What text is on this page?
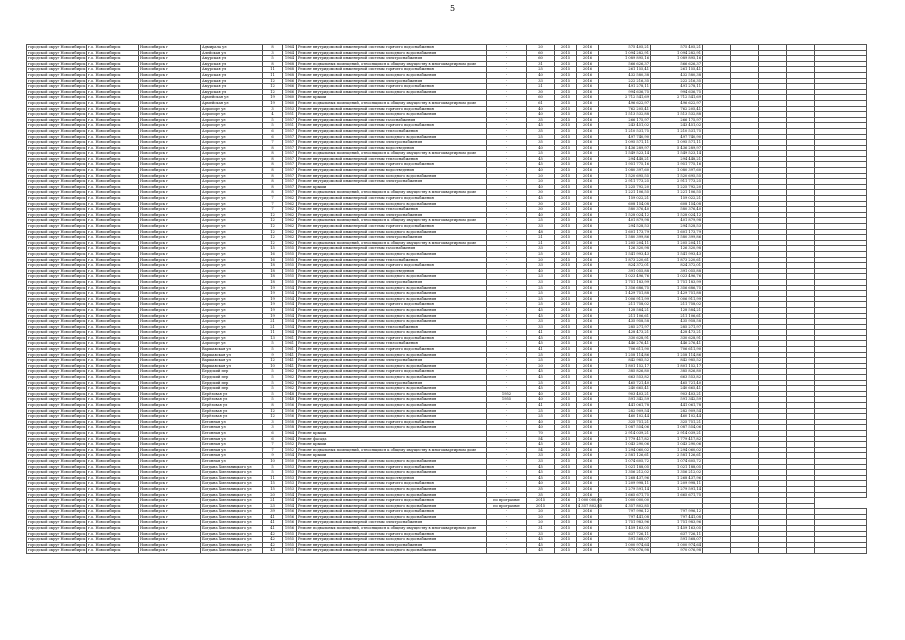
5
городской округ Новосибирск	г.о. Новосибирск	Новосибирск г	Адмирала ул	8	1964	Ремонт внутридомовой инженерной системы горячего водоснабжения	-	20	2015	2016	575 405,21	575 405,21					
городской округ Новосибирск	г.о. Новосибирск	Новосибирск г	Алейская ул	3	1964	Ремонт внутридомовой инженерной системы холодного водоснабжения	-	60	2015	2016	1 094 282,91	1 094 282,91					
городской округ Новосибирск	г.о. Новосибирск	Новосибирск г	Амурская ул	5	1964	Ремонт внутридомовой инженерной системы электроснабжения	-	60	2015	2016	1 089 895,16	1 089 895,16					
городской округ Новосибирск	г.о. Новосибирск	Новосибирск г	Амурская ул	8	1968	Ремонт подвальных помещений, относящихся к общему имуществу в многоквартирном доме	-	31	2015	2016	566 626,37	566 626,37					
городской округ Новосибирск	г.о. Новосибирск	Новосибирск г	Амурская ул	11	1968	Ремонт внутридомовой инженерной системы горячего водоснабжения	-	25	2015	2016	261 155,41	261 155,41					
городской округ Новосибирск	г.о. Новосибирск	Новосибирск г	Амурская ул	11	1968	Ремонт внутридомовой инженерной системы холодного водоснабжения	-	40	2015	2016	432 580,38	432 580,38					
городской округ Новосибирск	г.о. Новосибирск	Новосибирск г	Амурская ул	12	1966	Ремонт внутридомовой инженерной системы электроснабжения	-	33	2015	2016	222 216,35	222 216,35					
городской округ Новосибирск	г.о. Новосибирск	Новосибирск г	Амурская ул	12	1966	Ремонт внутридомовой инженерной системы горячего водоснабжения	-	21	2015	2016	491 278,11	491 278,11					
городской округ Новосибирск	г.о. Новосибирск	Новосибирск г	Амурская ул	12	1966	Ремонт внутридомовой инженерной системы холодного водоснабжения	-	30	2015	2016	994 636,75	994 636,75					
городской округ Новосибирск	г.о. Новосибирск	Новосибирск г	Армейская ул	19	1960	Ремонт крыши	-	60	2015	2016	2 712 541,69	2 712 541,69					
городской округ Новосибирск	г.о. Новосибирск	Новосибирск г	Армейская ул	19	1960	Ремонт подвальных помещений, относящихся к общему имуществу в многоквартирном доме	-	61	2015	2016	496 622,97	496 622,97					
городской округ Новосибирск	г.о. Новосибирск	Новосибирск г	Аэропорт ул	3	1953	Ремонт внутридомовой инженерной системы горячего водоснабжения	-	40	2015	2016	762 205,41	762 205,41					
городской округ Новосибирск	г.о. Новосибирск	Новосибирск г	Аэропорт ул	4	1951	Ремонт внутридомовой инженерной системы холодного водоснабжения	-	40	2015	2016	1 513 532,88	1 513 532,88					
городской округ Новосибирск	г.о. Новосибирск	Новосибирск г	Аэропорт ул	5	1957	Ремонт внутридомовой инженерной системы газоснабжения	-	35	2015	2016	266 175,97	266 175,97					
городской округ Новосибирск	г.о. Новосибирск	Новосибирск г	Аэропорт ул	5	1951	Ремонт внутридомовой инженерной системы горячего водоснабжения	-	45	2015	2016	243 451,02	243 451,02					
городской округ Новосибирск	г.о. Новосибирск	Новосибирск г	Аэропорт ул	6	1957	Ремонт внутридомовой инженерной системы теплоснабжения	-	35	2015	2016	1 210 531,75	1 210 531,75					
городской округ Новосибирск	г.о. Новосибирск	Новосибирск г	Аэропорт ул	6	1957	Ремонт внутридомовой инженерной системы холодного водоснабжения	-	25	2015	2016	497 740,90	497 740,90					
городской округ Новосибирск	г.о. Новосибирск	Новосибирск г	Аэропорт ул	7	1957	Ремонт внутридомовой инженерной системы электроснабжения	-	35	2015	2016	1 095 571,11	1 095 571,11					
городской округ Новосибирск	г.о. Новосибирск	Новосибирск г	Аэропорт ул	8	1957	Ремонт внутридомовой инженерной системы водоотведения	-	40	2015	2016	5 436 289,97	5 436 289,97					
городской округ Новосибирск	г.о. Новосибирск	Новосибирск г	Аэропорт ул	8	1957	Ремонт подвальных помещений, относящихся к общему имуществу в многоквартирном доме	-	25	2015	2016	1 549 523,14	1 549 523,14					
городской округ Новосибирск	г.о. Новосибирск	Новосибирск г	Аэропорт ул	8	1957	Ремонт внутридомовой инженерной системы теплоснабжения	-	45	2015	2016	294 448,21	294 448,21					
городской округ Новосибирск	г.о. Новосибирск	Новосибирск г	Аэропорт ул	8	1957	Ремонт внутридомовой инженерной системы горячего водоснабжения	-	45	2015	2016	1 951 775,16	1 951 775,16					
городской округ Новосибирск	г.о. Новосибирск	Новосибирск г	Аэропорт ул	8	1957	Ремонт внутридомовой инженерной системы водоотведения	-	40	2015	2016	1 080 397,60	1 080 397,60					
городской округ Новосибирск	г.о. Новосибирск	Новосибирск г	Аэропорт ул	8	1957	Ремонт внутридомовой инженерной системы холодного водоснабжения	-	20	2015	2016	1 520 695,55	1 520 695,55					
городской округ Новосибирск	г.о. Новосибирск	Новосибирск г	Аэропорт ул	8	1957	Ремонт внутридомовой инженерной системы электроснабжения	-	20	2015	2016	2 911 773,25	2 911 773,25					
городской округ Новосибирск	г.о. Новосибирск	Новосибирск г	Аэропорт ул	8	1957	Ремонт крыши	-	40	2015	2016	1 225 792,20	1 225 792,20					
городской округ Новосибирск	г.о. Новосибирск	Новосибирск г	Аэропорт ул	8	1957	Ремонт подвальных помещений, относящихся к общему имуществу в многоквартирном доме	-	30	2015	2016	1 221 106,55	1 221 106,55					
городской округ Новосибирск	г.о. Новосибирск	Новосибирск г	Аэропорт ул	7	1962	Ремонт внутридомовой инженерной системы горячего водоснабжения	-	45	2015	2016	159 022,21	159 022,21					
городской округ Новосибирск	г.о. Новосибирск	Новосибирск г	Аэропорт ул	7	1962	Ремонт внутридомовой инженерной системы холодного водоснабжения	-	30	2015	2016	608 154,08	608 154,08					
городской округ Новосибирск	г.о. Новосибирск	Новосибирск г	Аэропорт ул	7	1962	Ремонт внутридомовой инженерной системы теплоснабжения	-	30	2015	2016	580 376,40	580 376,40					
городской округ Новосибирск	г.о. Новосибирск	Новосибирск г	Аэропорт ул	12	1962	Ремонт внутридомовой инженерной системы электроснабжения	-	40	2015	2016	1 528 024,12	1 528 024,12					
городской округ Новосибирск	г.о. Новосибирск	Новосибирск г	Аэропорт ул	12	1962	Ремонт подвальных помещений, относящихся к общему имуществу в многоквартирном доме	-	25	2015	2016	401 879,98	401 879,98					
городской округ Новосибирск	г.о. Новосибирск	Новосибирск г	Аэропорт ул	12	1962	Ремонт внутридомовой инженерной системы горячего водоснабжения	-	33	2015	2016	294 528,53	294 528,53					
городской округ Новосибирск	г.о. Новосибирск	Новосибирск г	Аэропорт ул	12	1962	Ремонт внутридомовой инженерной системы холодного водоснабжения	-	48	2015	2016	1 601 173,79	1 601 173,79					
городской округ Новосибирск	г.о. Новосибирск	Новосибирск г	Аэропорт ул	12	1962	Ремонт внутридомовой инженерной системы электроснабжения	-	21	2015	2016	1 580 399,86	1 580 399,86					
городской округ Новосибирск	г.о. Новосибирск	Новосибирск г	Аэропорт ул	12	1962	Ремонт подвальных помещений, относящихся к общему имуществу в многоквартирном доме	-	21	2015	2016	1 205 204,11	1 205 204,11					
городской округ Новосибирск	г.о. Новосибирск	Новосибирск г	Аэропорт ул	15	1955	Ремонт внутридомовой инженерной системы газоснабжения	-	33	2015	2016	126 320,98	126 320,98					
городской округ Новосибирск	г.о. Новосибирск	Новосибирск г	Аэропорт ул	16	1955	Ремонт внутридомовой инженерной системы холодного водоснабжения	-	25	2015	2016	1 541 993,43	1 541 993,43					
городской округ Новосибирск	г.о. Новосибирск	Новосибирск г	Аэропорт ул	16	1955	Ремонт внутридомовой инженерной системы теплоснабжения	-	20	2015	2016	1 873 220,61	1 873 220,61					
городской округ Новосибирск	г.о. Новосибирск	Новосибирск г	Аэропорт ул	18	1955	Ремонт внутридомовой инженерной системы горячего водоснабжения	-	33	2015	2016	824 372,01	824 372,01					
городской округ Новосибирск	г.о. Новосибирск	Новосибирск г	Аэропорт ул	18	1955	Ремонт внутридомовой инженерной системы водоотведения	-	40	2015	2016	391 055,88	391 055,88					
городской округ Новосибирск	г.о. Новосибирск	Новосибирск г	Аэропорт ул	18	1955	Ремонт внутридомовой инженерной системы холодного водоснабжения	-	23	2015	2016	1 023 496,76	1 023 496,76					
городской округ Новосибирск	г.о. Новосибирск	Новосибирск г	Аэропорт ул	18	1955	Ремонт внутридомовой инженерной системы электроснабжения	-	33	2015	2016	1 751 183,99	1 751 183,99					
городской округ Новосибирск	г.о. Новосибирск	Новосибирск г	Аэропорт ул	19	1954	Ремонт внутридомовой инженерной системы холодного водоснабжения	-	25	2015	2016	1 356 686,75	1 356 686,75					
городской округ Новосибирск	г.о. Новосибирск	Новосибирск г	Аэропорт ул	19	1954	Ремонт внутридомовой инженерной системы холодного водоснабжения	-	25	2015	2016	1 429 751,88	1 429 751,88					
городской округ Новосибирск	г.о. Новосибирск	Новосибирск г	Аэропорт ул	19	1954	Ремонт внутридомовой инженерной системы холодного водоснабжения	-	25	2015	2016	1 006 911,99	1 006 911,99					
городской округ Новосибирск	г.о. Новосибирск	Новосибирск г	Аэропорт ул	19	1954	Ремонт внутридомовой инженерной системы горячего водоснабжения	-	25	2015	2016	211 758,02	211 758,02					
городской округ Новосибирск	г.о. Новосибирск	Новосибирск г	Аэропорт ул	19	1954	Ремонт внутридомовой инженерной системы холодного водоснабжения	-	45	2015	2016	128 584,21	128 584,21					
городской округ Новосибирск	г.о. Новосибирск	Новосибирск г	Аэропорт ул	19	1954	Ремонт внутридомовой инженерной системы холодного водоснабжения	-	45	2015	2016	211 106,61	211 106,61					
городской округ Новосибирск	г.о. Новосибирск	Новосибирск г	Аэропорт ул	21	1954	Ремонт внутридомовой инженерной системы холодного водоснабжения	-	33	2015	2016	435 958,58	435 958,58					
городской округ Новосибирск	г.о. Новосибирск	Новосибирск г	Аэропорт ул	21	1954	Ремонт внутридомовой инженерной системы теплоснабжения	-	33	2015	2016	285 271,97	285 271,97					
городской округ Новосибирск	г.о. Новосибирск	Новосибирск г	Аэропорт ул	11	1964	Ремонт внутридомовой инженерной системы холодного водоснабжения	-	41	2015	2016	428 473,21	428 473,21					
городской округ Новосибирск	г.о. Новосибирск	Новосибирск г	Аэропорт ул	13	1961	Ремонт внутридомовой инженерной системы горячего водоснабжения	-	45	2015	2016	330 628,91	330 628,91					
городской округ Новосибирск	г.о. Новосибирск	Новосибирск г	Аэропорт ул	5	1961	Ремонт внутридомовой инженерной системы теплоснабжения	-	45	2015	2016	446 276,41	446 276,41					
городской округ Новосибирск	г.о. Новосибирск	Новосибирск г	Варшавская ул	5	1961	Ремонт внутридомовой инженерной системы горячего водоснабжения	-	41	2015	2016	706 611,90	706 611,90					
городской округ Новосибирск	г.о. Новосибирск	Новосибирск г	Варшавская ул	9	1941	Ремонт внутридомовой инженерной системы холодного водоснабжения	-	25	2015	2016	1 258 114,86	1 258 114,86					
городской округ Новосибирск	г.о. Новосибирск	Новосибирск г	Варшавская ул	12	1941	Ремонт внутридомовой инженерной системы электроснабжения	-	25	2015	2016	842 985,52	842 985,52					
городской округ Новосибирск	г.о. Новосибирск	Новосибирск г	Варшавская ул	10	1941	Ремонт внутридомовой инженерной системы холодного водоснабжения	-	20	2015	2016	1 801 152,17	1 801 152,17					
городской округ Новосибирск	г.о. Новосибирск	Новосибирск г	Бердский пер	5	1962	Ремонт внутридомовой инженерной системы горячего водоснабжения	-	45	2015	2016	385 826,80	385 826,80					
городской округ Новосибирск	г.о. Новосибирск	Новосибирск г	Бердский пер	5	1962	Ремонт внутридомовой инженерной системы холодного водоснабжения	-	45	2015	2016	663 553,82	663 553,82					
городской округ Новосибирск	г.о. Новосибирск	Новосибирск г	Бердский пер	5	1962	Ремонт внутридомовой инженерной системы электроснабжения	-	25	2015	2016	465 721,40	465 721,40					
городской округ Новосибирск	г.о. Новосибирск	Новосибирск г	Бердский пер	5	1962	Ремонт внутридомовой инженерной системы холодного водоснабжения	-	45	2015	2016	240 665,41	240 665,41					
городской округ Новосибирск	г.о. Новосибирск	Новосибирск г	Берёзовая ул	5	1948	Ремонт внутридомовой инженерной системы холодного водоснабжения	1952	40	2015	2016	903 403,21	903 403,21					
городской округ Новосибирск	г.о. Новосибирск	Новосибирск г	Берёзовая ул	5	1948	Ремонт внутридомовой инженерной системы холодного водоснабжения	1955	40	2015	2016	591 342,59	591 342,59					
городской округ Новосибирск	г.о. Новосибирск	Новосибирск г	Берёзовая ул	8	1956	Ремонт внутридомовой инженерной системы холодного водоснабжения	-	41	2015	2016	441 061,78	441 061,78					
городской округ Новосибирск	г.о. Новосибирск	Новосибирск г	Берёзовая ул	12	1956	Ремонт внутридомовой инженерной системы холодного водоснабжения	-	25	2015	2016	282 909,54	282 909,54					
городской округ Новосибирск	г.о. Новосибирск	Новосибирск г	Берёзовая ул	12	1956	Ремонт внутридомовой инженерной системы холодного водоснабжения	-	25	2015	2016	460 102,44	460 102,44					
городской округ Новосибирск	г.о. Новосибирск	Новосибирск г	Бетонная ул	3	1958	Ремонт внутридомовой инженерной системы горячего водоснабжения	-	40	2015	2016	325 751,21	325 751,21					
городской округ Новосибирск	г.о. Новосибирск	Новосибирск г	Бетонная ул	3	1958	Ремонт внутридомовой инженерной системы холодного водоснабжения	-	40	2015	2016	1 087 554,06	1 087 554,06					
городской округ Новосибирск	г.о. Новосибирск	Новосибирск г	Бетонная ул	6	1964	Ремонт крыши	-	70	2015	2016	2 914 039,21	2 914 039,21					
городской округ Новосибирск	г.о. Новосибирск	Новосибирск г	Бетонная ул	6	1964	Ремонт фасада	-	54	2015	2016	1 779 417,82	1 779 417,82					
городской округ Новосибирск	г.о. Новосибирск	Новосибирск г	Бетонная ул	7	1952	Ремонт крыши	-	45	2015	2016	1 043 290,06	1 043 290,06					
городской округ Новосибирск	г.о. Новосибирск	Новосибирск г	Бетонная ул	7	1952	Ремонт подвальных помещений, относящихся к общему имуществу в многоквартирном доме	-	54	2015	2016	1 294 060,02	1 294 060,02					
городской округ Новосибирск	г.о. Новосибирск	Новосибирск г	Бетонная ул	9	1954	Ремонт крыши	-	33	2015	2016	2 581 126,61	2 581 126,61					
городской округ Новосибирск	г.о. Новосибирск	Новосибирск г	Бетонная ул	10	1950	Ремонт внутридомовой инженерной системы холодного водоснабжения	-	33	2015	2016	1 074 605,72	1 074 605,72					
городской округ Новосибирск	г.о. Новосибирск	Новосибирск г	Богдана Хмельницкого ул	5	1953	Ремонт внутридомовой инженерной системы горячего водоснабжения	-	45	2015	2016	1 021 188,05	1 021 188,05					
городской округ Новосибирск	г.о. Новосибирск	Новосибирск г	Богдана Хмельницкого ул	5	1953	Ремонт внутридомовой инженерной системы холодного водоснабжения	-	45	2015	2016	1 356 212,02	1 356 212,02					
городской округ Новосибирск	г.о. Новосибирск	Новосибирск г	Богдана Хмельницкого ул	11	1953	Ремонт внутридомовой инженерной системы водоотведения	-	45	2015	2016	1 268 437,96	1 268 437,96					
городской округ Новосибирск	г.о. Новосибирск	Новосибирск г	Богдана Хмельницкого ул	15	1953	Ремонт внутридомовой инженерной системы горячего водоснабжения	-	40	2015	2016	1 209 998,11	1 209 998,11					
городской округ Новосибирск	г.о. Новосибирск	Новосибирск г	Богдана Хмельницкого ул	15	1953	Ремонт внутридомовой инженерной системы холодного водоснабжения	-	35	2015	2016	1 279 591,14	1 279 591,14					
городской округ Новосибирск	г.о. Новосибирск	Новосибирск г	Богдана Хмельницкого ул	20	1954	Ремонт внутридомовой инженерной системы холодного водоснабжения	-	35	2015	2016	1 665 671,75	1 665 671,75					
городской округ Новосибирск	г.о. Новосибирск	Новосибирск г	Богдана Хмельницкого ул	21	1954	Ремонт внутридомовой инженерной системы горячего водоснабжения	по программе	2015	2016	1 000 000,00	1 000 000,00						
городской округ Новосибирск	г.о. Новосибирск	Новосибирск г	Богдана Хмельницкого ул	23	1954	Ремонт внутридомовой инженерной системы холодного водоснабжения	по программе	2015	2016	4 357 802,85	4 357 802,85						
городской округ Новосибирск	г.о. Новосибирск	Новосибирск г	Богдана Хмельницкого ул	39	1956	Ремонт внутридомовой инженерной системы горячего водоснабжения	-	20	2015	2016	797 996,12	797 996,12					
городской округ Новосибирск	г.о. Новосибирск	Новосибирск г	Богдана Хмельницкого ул	41	1956	Ремонт внутридомовой инженерной системы холодного водоснабжения	-	20	2015	2016	797 441,08	797 441,08					
городской округ Новосибирск	г.о. Новосибирск	Новосибирск г	Богдана Хмельницкого ул	41	1956	Ремонт внутридомовой инженерной системы электроснабжения	-	20	2015	2016	1 751 983,96	1 751 983,96					
городской округ Новосибирск	г.о. Новосибирск	Новосибирск г	Богдана Хмельницкого ул	41	1956	Ремонт подвальных помещений, относящихся к общему имуществу в многоквартирном доме	-	31	2015	2016	1 459 163,05	1 459 163,05					
городской округ Новосибирск	г.о. Новосибирск	Новосибирск г	Богдана Хмельницкого ул	42	1955	Ремонт внутридомовой инженерной системы горячего водоснабжения	-	33	2015	2016	637 726,11	637 726,11					
городской округ Новосибирск	г.о. Новосибирск	Новосибирск г	Богдана Хмельницкого ул	42	1955	Ремонт внутридомовой инженерной системы холодного водоснабжения	-	45	2015	2016	591 568,07	591 568,07					
городской округ Новосибирск	г.о. Новосибирск	Новосибирск г	Богдана Хмельницкого ул	42	1955	Ремонт внутридомовой инженерной системы электроснабжения	-	45	2015	2016	1 000 974,64	1 000 974,64					
городской округ Новосибирск	г.о. Новосибирск	Новосибирск г	Богдана Хмельницкого ул	43	1955	Ремонт внутридомовой инженерной системы холодного водоснабжения	-	45	2015	2016	970 076,98	970 076,98					
